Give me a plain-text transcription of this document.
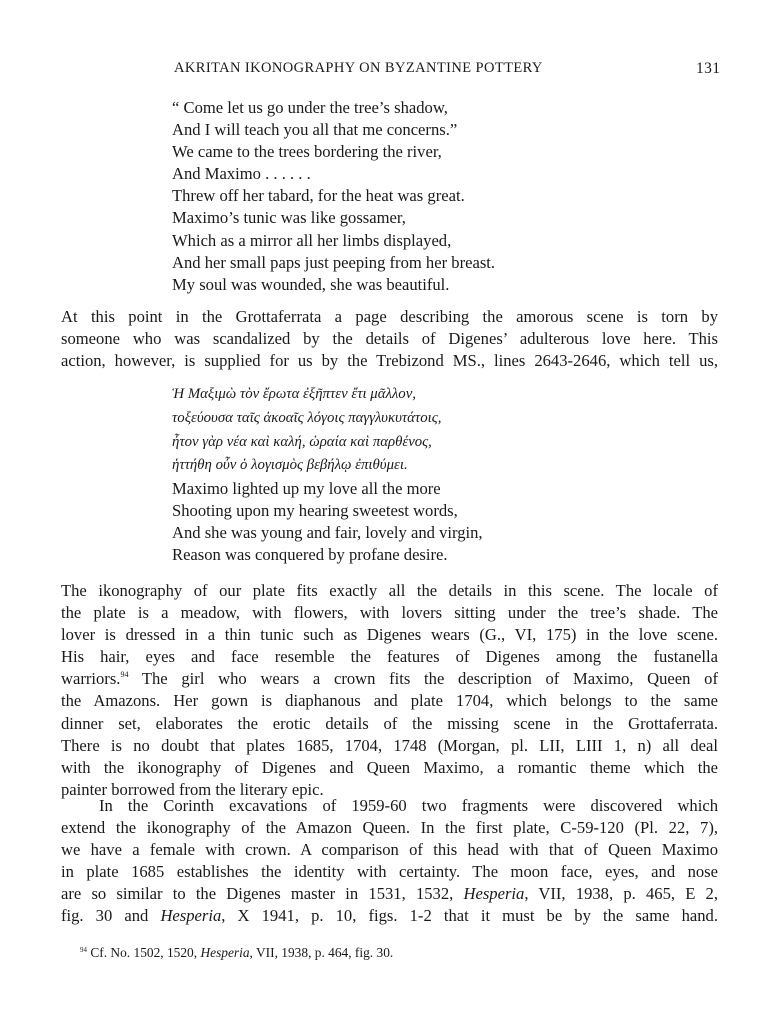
AKRITAN IKONOGRAPHY ON BYZANTINE POTTERY	131
“ Come let us go under the tree’s shadow,
And I will teach you all that me concerns.”
We came to the trees bordering the river,
And Maximo . . . . . .
Threw off her tabard, for the heat was great.
Maximo’s tunic was like gossamer,
Which as a mirror all her limbs displayed,
And her small paps just peeping from her breast.
My soul was wounded, she was beautiful.

At this point in the Grottaferrata a page describing the amorous scene is torn by
someone who was scandalized by the details of Digenes’ adulterous love here. This
action, however, is supplied for us by the Trebizond MS., lines 2643-2646, which tell us,

Ἡ Μαξιμὼ τὸν ἔρωτα ἐξῆπτεν ἔτι μᾶλλον,
τοξεύουσα ταῖς ἀκοαῖς λόγοις παγγλυκυτάτοις,
ἦτον γὰρ νέα καὶ καλή, ὡραία καὶ παρθένος,
ἡττήθη οὖν ὁ λογισμὸς βεβήλῳ ἐπιθύμει.
Maximo lighted up my love all the more
Shooting upon my hearing sweetest words,
And she was young and fair, lovely and virgin,
Reason was conquered by profane desire.

The ikonography of our plate fits exactly all the details in this scene. The locale of
the plate is a meadow, with flowers, with lovers sitting under the tree’s shade. The
lover is dressed in a thin tunic such as Digenes wears (G., VI, 175) in the love scene.
His hair, eyes and face resemble the features of Digenes among the fustanella
warriors.$^{94}$ The girl who wears a crown fits the description of Maximo, Queen of
the Amazons. Her gown is diaphanous and plate 1704, which belongs to the same
dinner set, elaborates the erotic details of the missing scene in the Grottaferrata.
There is no doubt that plates 1685, 1704, 1748 (Morgan, pl. LII, LIII 1, n) all deal
with the ikonography of Digenes and Queen Maximo, a romantic theme which the
painter borrowed from the literary epic.

In the Corinth excavations of 1959-60 two fragments were discovered which
extend the ikonography of the Amazon Queen. In the first plate, C-59-120 (Pl. 22, 7),
we have a female with crown. A comparison of this head with that of Queen Maximo
in plate 1685 establishes the identity with certainty. The moon face, eyes, and nose
are so similar to the Digenes master in 1531, 1532, Hesperia, VII, 1938, p. 465, E 2,
fig. 30 and Hesperia, X 1941, p. 10, figs. 1-2 that it must be by the same hand.

$^{94}$ Cf. No. 1502, 1520, Hesperia, VII, 1938, p. 464, fig. 30.
